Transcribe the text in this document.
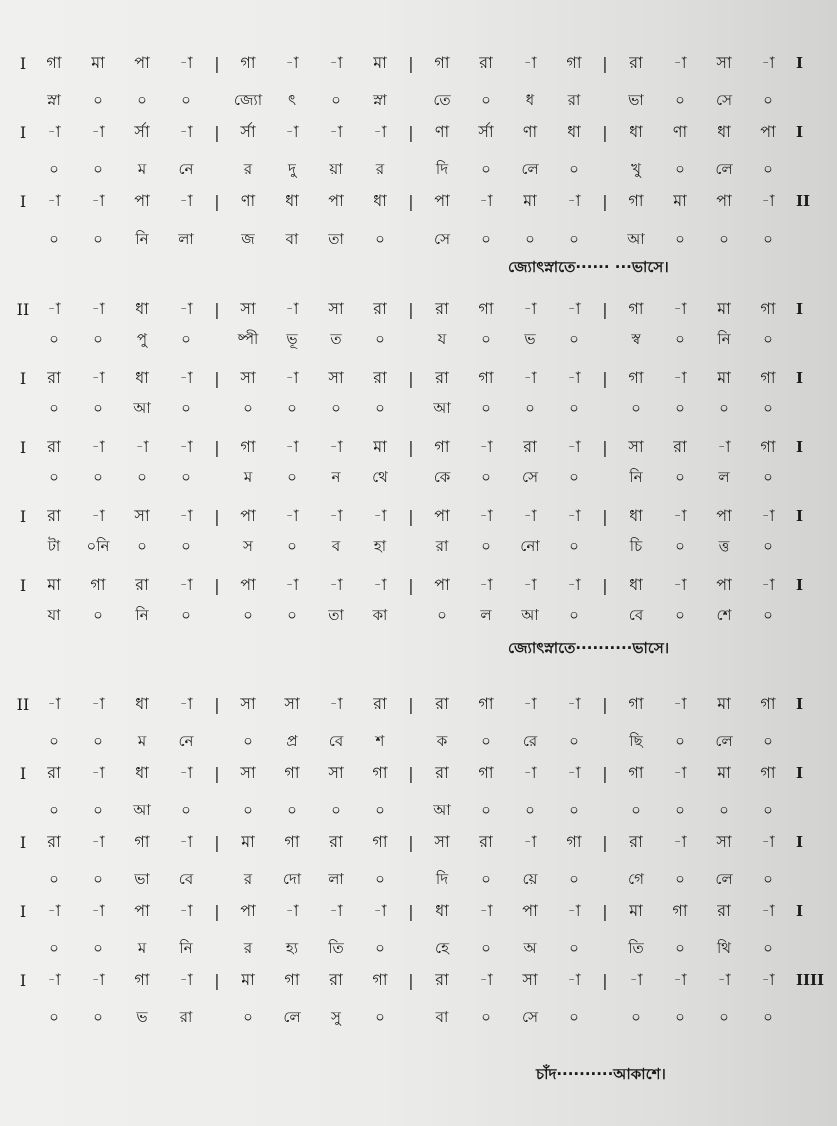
I	গা	মা	পা	-া	|	গা	-া	-া	মা	|	গা	রা	-া	গা	|	রা	-া	সা	-া	I
স্না	০	০	০	জ্যো	ৎ	০	স্না	তে	০	ধ	রা	ভা	০	সে	০
I	-া	-া	র্সা	-া	|	র্সা	-া	-া	-া	|	ণা	র্সা	ণা	ধা	|	ধা	ণা	ধা	পা	I
০	০	ম	নে	র	দু	য়া	র	দি	০	লে	০	খু	০	লে	০
I	-া	-া	পা	-া	|	ণা	ধা	পা	ধা	|	পা	-া	মা	-া	|	গা	মা	পা	-া	II
০	০	নি	লা	জ	বা	তা	০	সে	০	০	০	আ	০	০	০
জ্যোৎস্নাতে······ ···ভাসে।
II	-া	-া	ধা	-া	|	সা	-া	সা	রা	|	রা	গা	-া	-া	|	গা	-া	মা	গা	I
০	০	পু	০	ষ্পী	ভূ	ত	০	য	০	ভ	০	স্ব	০	নি	০
I	রা	-া	ধা	-া	|	সা	-া	সা	রা	|	রা	গা	-া	-া	|	গা	-া	মা	গা	I
০	০	আ	০	০	০	০	০	আ	০	০	০	০	০	০	০
I	রা	-া	-া	-া	|	গা	-া	-া	মা	|	গা	-া	রা	-া	|	সা	রা	-া	গা	I
০	০	০	০	ম	০	ন	থে	কে	০	সে	০	নি	০	ল	০
I	রা	-া	সা	-া	|	পা	-া	-া	-া	|	পা	-া	-া	-া	|	ধা	-া	পা	-া	I
টা	০নি	০	০	স	০	ব	হা	রা	০	নো	০	চি	০	ত্ত	০
I	মা	গা	রা	-া	|	পা	-া	-া	-া	|	পা	-া	-া	-া	|	ধা	-া	পা	-া	I
যা	০	নি	০	০	০	তা	কা	০	ল	আ	০	বে	০	শে	০
জ্যোৎস্নাতে··········ভাসে।
II	-া	-া	ধা	-া	|	সা	সা	-া	রা	|	রা	গা	-া	-া	|	গা	-া	মা	গা	I
০	০	ম	নে	০	প্র	বে	শ	ক	০	রে	০	ছি	০	লে	০
I	রা	-া	ধা	-া	|	সা	গা	সা	গা	|	রা	গা	-া	-া	|	গা	-া	মা	গা	I
০	০	আ	০	০	০	০	০	আ	০	০	০	০	০	০	০
I	রা	-া	গা	-া	|	মা	গা	রা	গা	|	সা	রা	-া	গা	|	রা	-া	সা	-া	I
০	০	ভা	বে	র	দো	লা	০	দি	০	য়ে	০	গে	০	লে	০
I	-া	-া	পা	-া	|	পা	-া	-া	-া	|	ধা	-া	পা	-া	|	মা	গা	রা	-া	I
০	০	ম	নি	র	হ্য	তি	০	হে	০	অ	০	তি	০	থি	০
I	-া	-া	গা	-া	|	মা	গা	রা	গা	|	রা	-া	সা	-া	|	-া	-া	-া	-া	IIII
০	০	ভ	রা	০	লে	সু	০	বা	০	সে	০	০	০	০	০
চাঁদ··········আকাশে।
